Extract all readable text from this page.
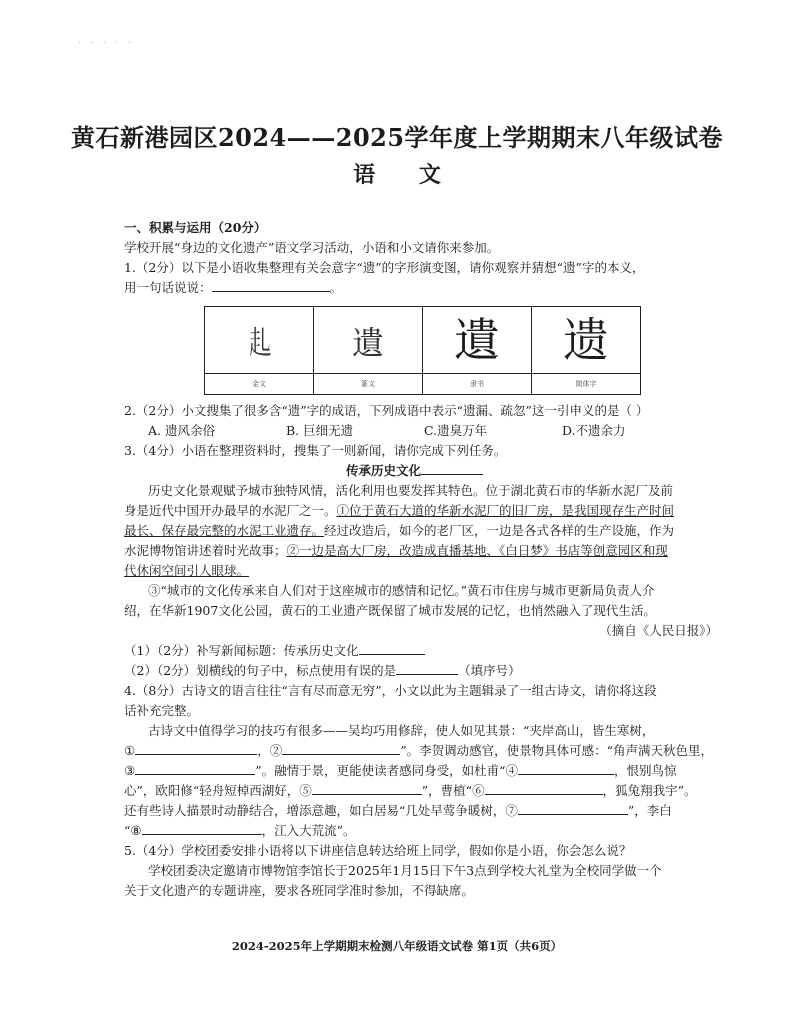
· · · · ·
黄石新港园区2024——2025学年度上学期期末八年级试卷
语 文

一、积累与运用（20分）

学校开展“身边的文化遗产”语文学习活动，小语和小文请你来参加。

1.（2分）以下是小语收集整理有关会意字“遗”的字形演变图，请你观察并猜想“遗”字的本义，

用一句话说说：	。

𧺇	遺	遺	遗
金文	篆文	隶书	简体字

2.（2分）小文搜集了很多含“遗”字的成语，下列成语中表示“遗漏、疏忽”这一引申义的是（ ）

A. 遗风余俗	B. 巨细无遗	C.遗臭万年	D.不遗余力

3.（4分）小语在整理资料时，搜集了一则新闻，请你完成下列任务。

传承历史文化

历史文化景观赋予城市独特风情，活化利用也要发挥其特色。位于湖北黄石市的华新水泥厂及前

身是近代中国开办最早的水泥厂之一。①位于黄石大道的华新水泥厂的旧厂房，是我国现存生产时间

最长、保存最完整的水泥工业遗存。经过改造后，如今的老厂区，一边是各式各样的生产设施，作为

水泥博物馆讲述着时光故事；②一边是高大厂房，改造成直播基地、《白日梦》书店等创意园区和现

代休闲空间引人眼球。

③“城市的文化传承来自人们对于这座城市的感情和记忆。”黄石市住房与城市更新局负责人介

绍，在华新1907文化公园，黄石的工业遗产既保留了城市发展的记忆，也悄然融入了现代生活。

（摘自《人民日报》）

（1）（2分）补写新闻标题：传承历史文化

（2）（2分）划横线的句子中，标点使用有误的是	（填序号）

4.（8分）古诗文的语言往往“言有尽而意无穷”，小文以此为主题辑录了一组古诗文，请你将这段

话补充完整。

古诗文中值得学习的技巧有很多——吴均巧用修辞，使人如见其景：“夹岸高山，皆生寒树，

①	，②	”。李贺调动感官，使景物具体可感：“角声满天秋色里，

③	”。融情于景，更能使读者感同身受，如杜甫“④	，恨别鸟惊

心”，欧阳修“轻舟短棹西湖好，⑤	”，曹植“⑥	，狐兔翔我宇”。

还有些诗人描景时动静结合，增添意趣，如白居易“几处早莺争暖树，⑦	”，李白

“⑧	，江入大荒流”。

5.（4分）学校团委安排小语将以下讲座信息转达给班上同学，假如你是小语，你会怎么说？

学校团委决定邀请市博物馆李馆长于2025年1月15日下午3点到学校大礼堂为全校同学做一个

关于文化遗产的专题讲座，要求各班同学准时参加，不得缺席。

2024-2025年上学期期末检测八年级语文试卷 第1页（共6页）
